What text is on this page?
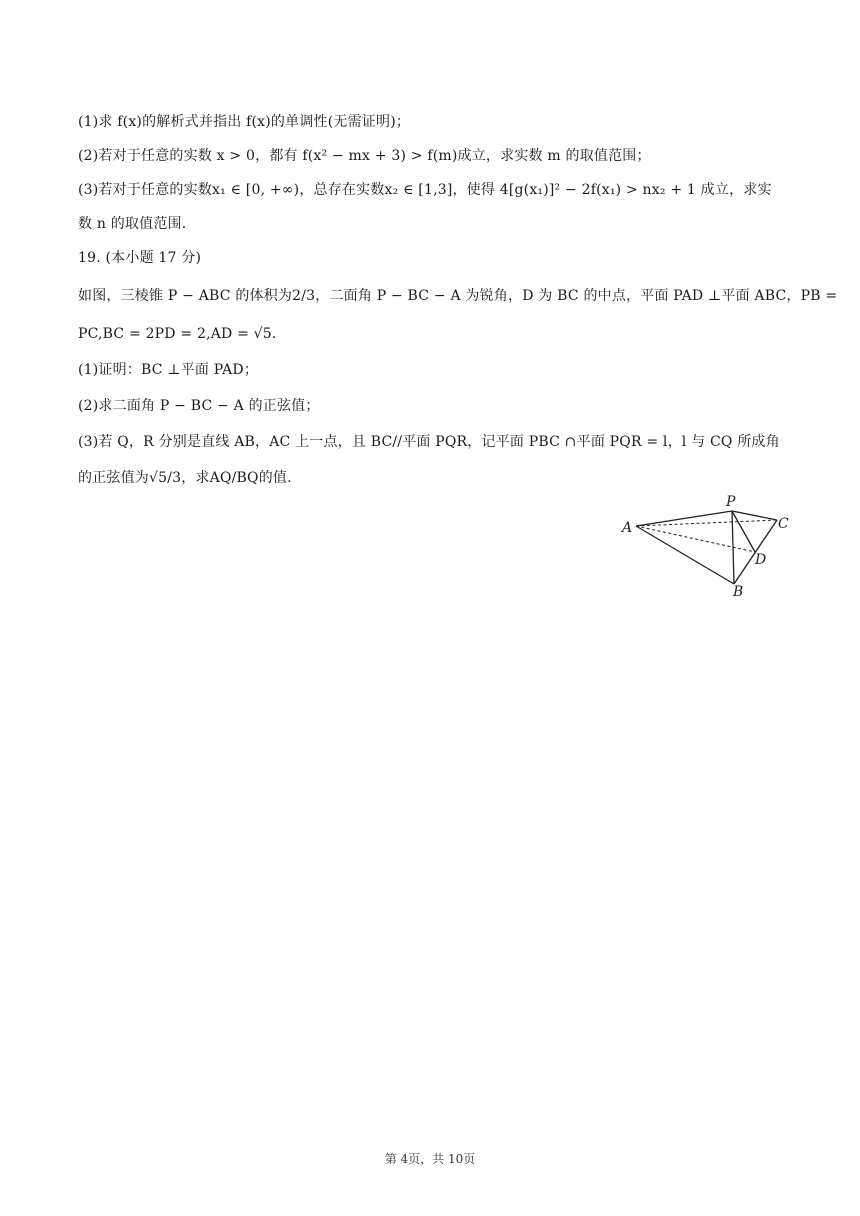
(1)求 f(x)的解析式并指出 f(x)的单调性(无需证明)；
(2)若对于任意的实数 x > 0，都有 f(x² − mx + 3) > f(m)成立，求实数 m 的取值范围；
(3)若对于任意的实数x₁ ∈ [0, +∞)，总存在实数x₂ ∈ [1,3]，使得 4[g(x₁)]² − 2f(x₁) > nx₂ + 1 成立，求实
数 n 的取值范围.
19. (本小题 17 分)
如图，三棱锥 P − ABC 的体积为2/3，二面角 P − BC − A 为锐角，D 为 BC 的中点，平面 PAD ⊥平面 ABC，PB =
PC,BC = 2PD = 2,AD = √5.
(1)证明：BC ⊥平面 PAD；
(2)求二面角 P − BC − A 的正弦值；
(3)若 Q，R 分别是直线 AB，AC 上一点，且 BC//平面 PQR，记平面 PBC ∩平面 PQR = l，l 与 CQ 所成角
的正弦值为√5/3，求AQ/BQ的值.
A
P
C
D
B
第 4页，共 10页
